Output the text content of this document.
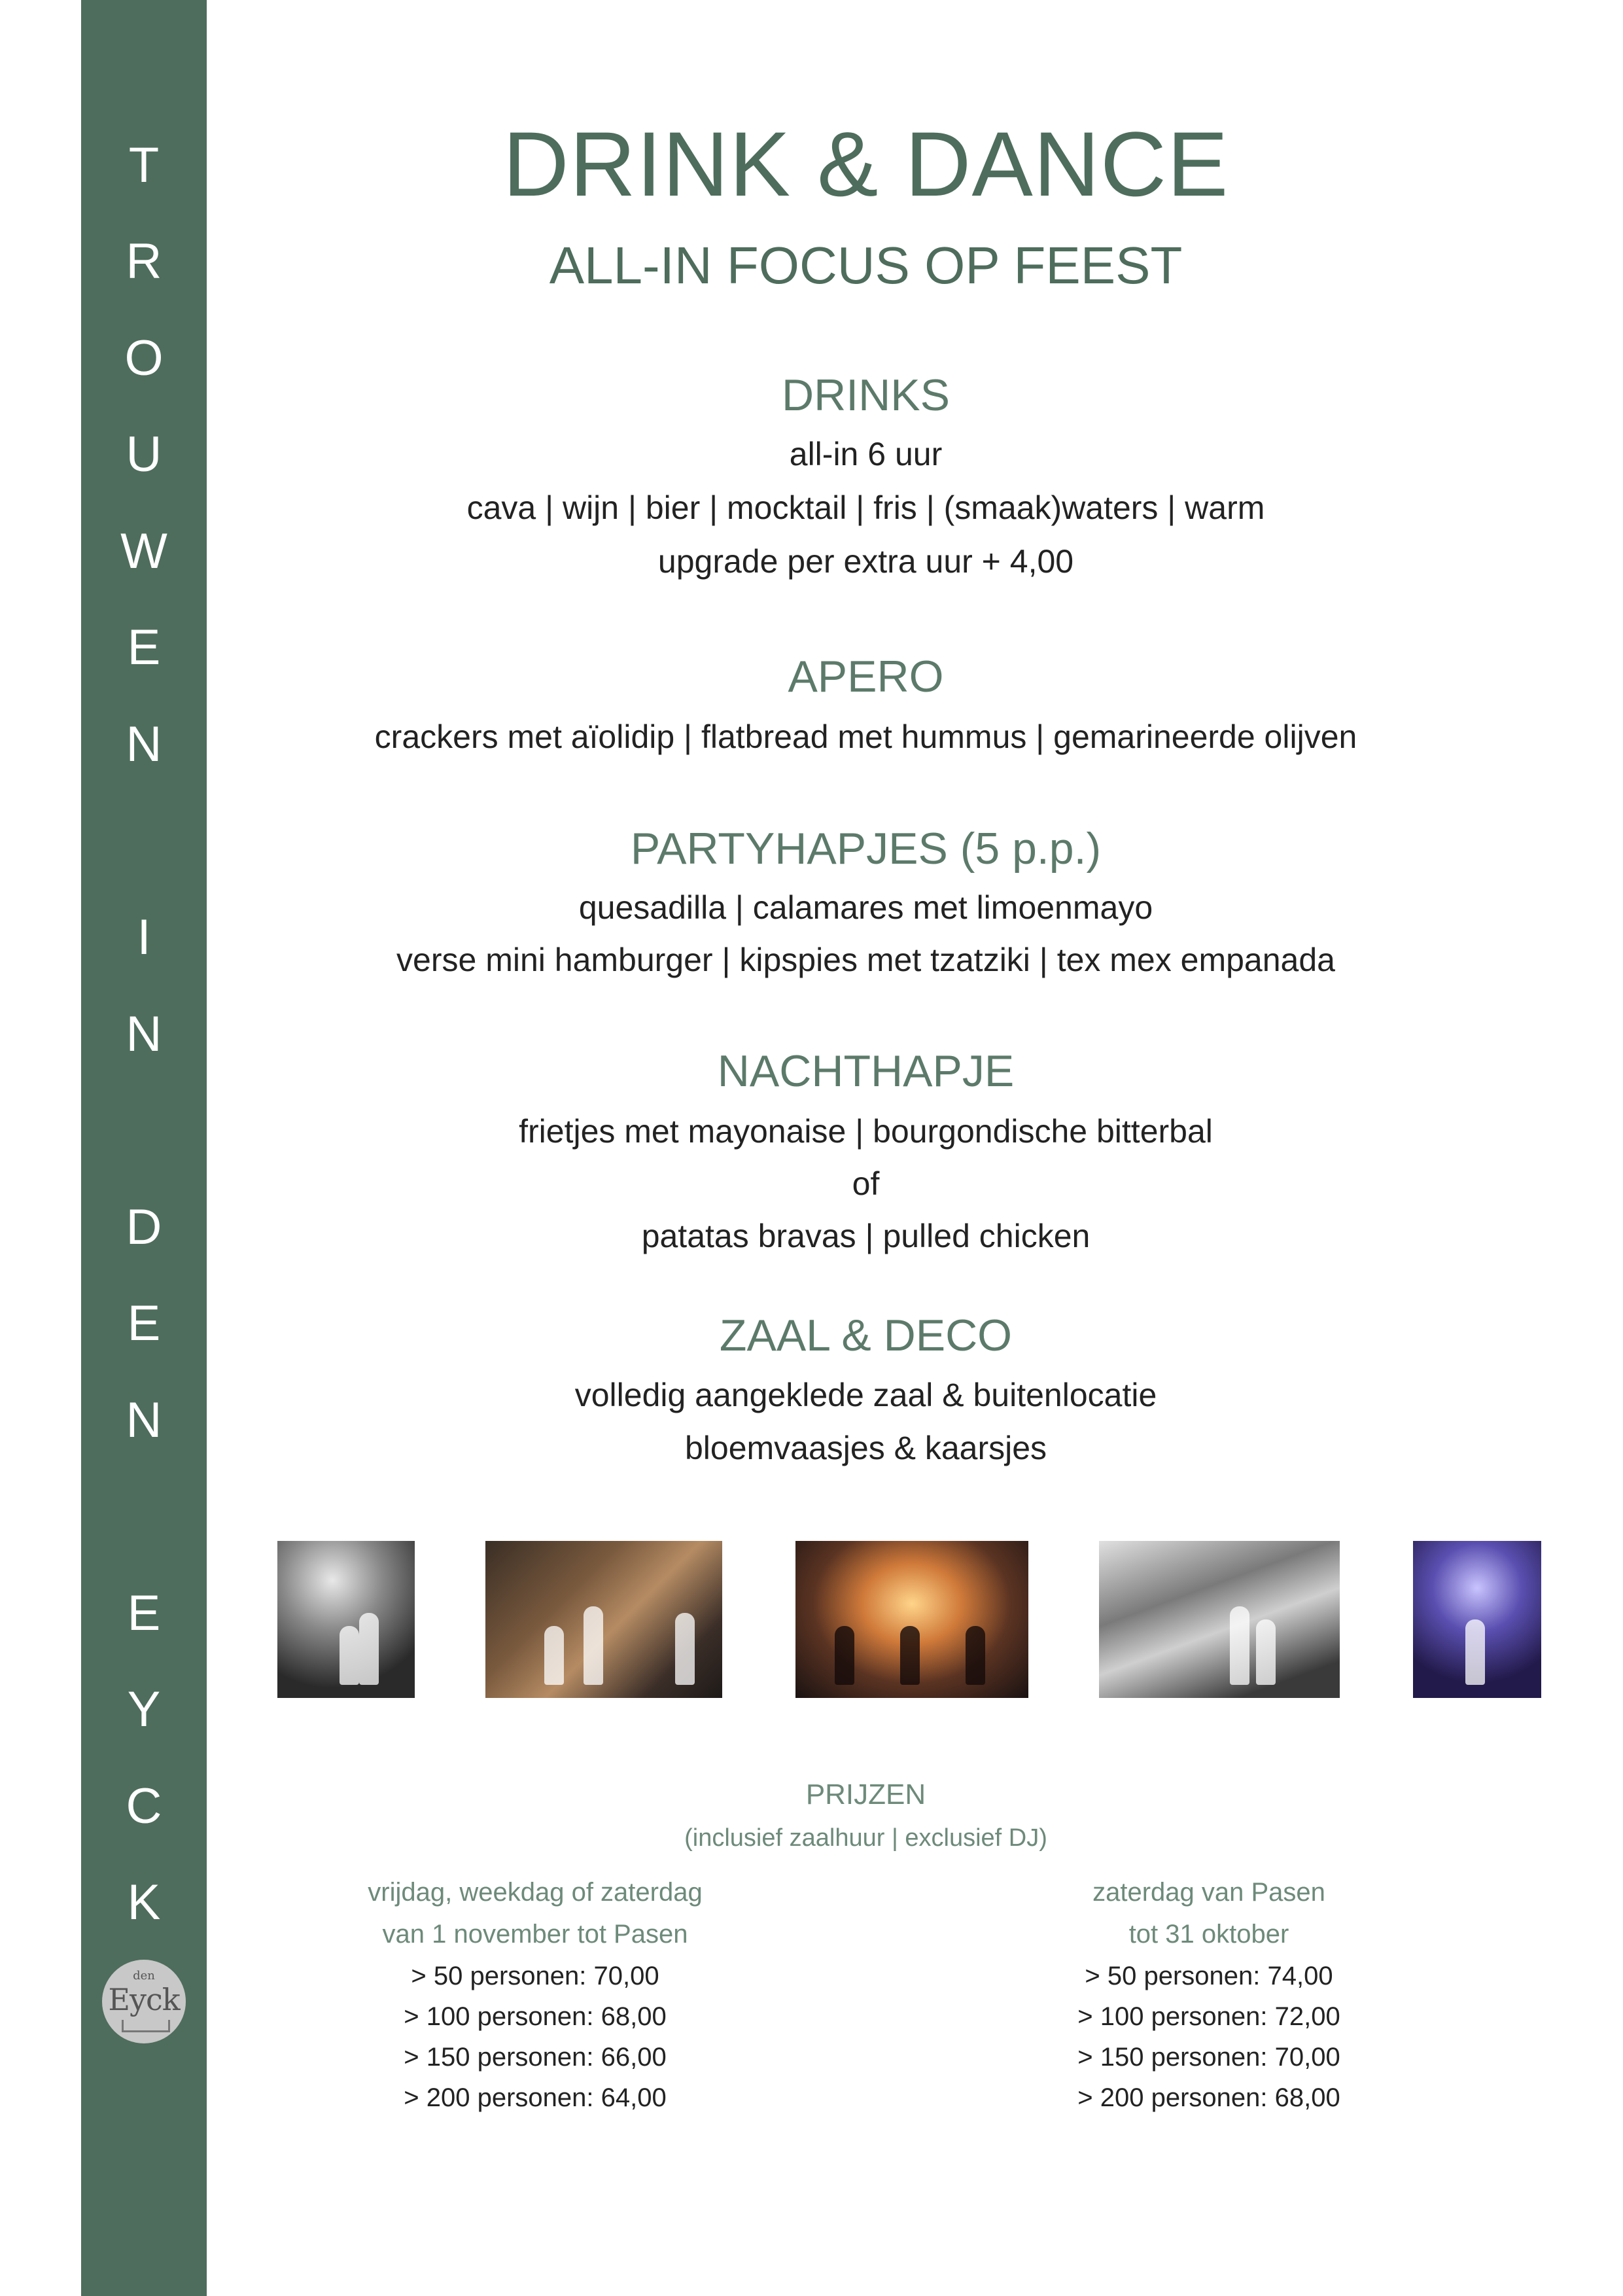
T
R
O
U
W
E
N
I
N
D
E
N
E
Y
C
K
den
Eyck
DRINK & DANCE
ALL-IN FOCUS OP FEEST
DRINKS
all-in 6 uur
cava | wijn | bier | mocktail | fris | (smaak)waters | warm
upgrade per extra uur + 4,00
APERO
crackers met aïolidip | flatbread met hummus | gemarineerde olijven
PARTYHAPJES (5 p.p.)
quesadilla | calamares met limoenmayo
verse mini hamburger | kipspies met tzatziki | tex mex empanada
NACHTHAPJE
frietjes met mayonaise | bourgondische bitterbal
of
patatas bravas | pulled chicken
ZAAL & DECO
volledig aangeklede zaal & buitenlocatie
bloemvaasjes & kaarsjes
PRIJZEN
(inclusief zaalhuur | exclusief DJ)
vrijdag, weekdag of zaterdag
van 1 november tot Pasen
> 50 personen: 70,00
> 100 personen: 68,00
> 150 personen: 66,00
> 200 personen: 64,00
zaterdag van Pasen
tot 31 oktober
> 50 personen: 74,00
> 100 personen: 72,00
> 150 personen: 70,00
> 200 personen: 68,00
